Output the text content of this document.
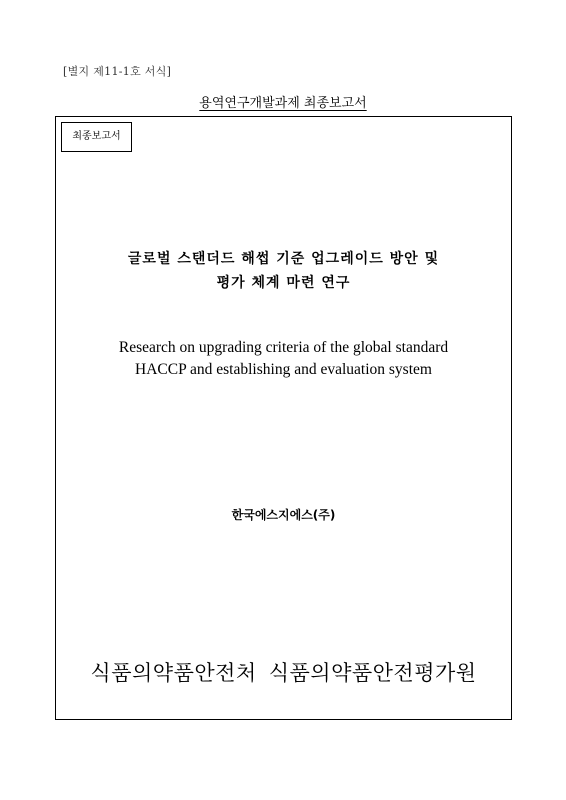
[별지 제11-1호 서식]
용역연구개발과제 최종보고서
최종보고서
글로벌 스탠더드 해썹 기준 업그레이드 방안 및
평가 체계 마련 연구
Research on upgrading criteria of the global standard
HACCP and establishing and evaluation system
한국에스지에스(주)
식품의약품안전처 식품의약품안전평가원
